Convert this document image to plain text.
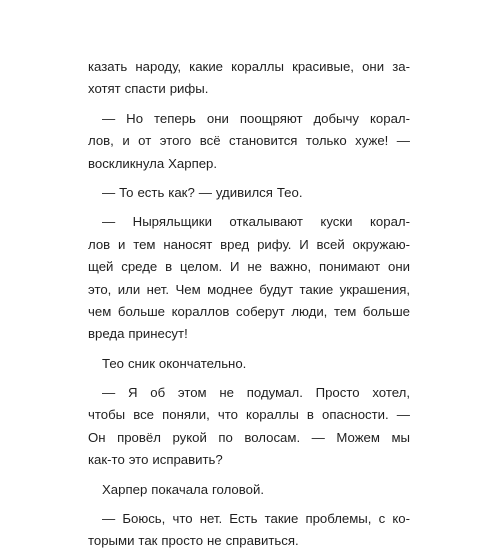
казать народу, какие кораллы красивые, они за-
хотят спасти рифы.
— Но теперь они поощряют добычу корал-
лов, и от этого всё становится только хуже! —
воскликнула Харпер.
— То есть как? — удивился Тео.
— Ныряльщики откалывают куски корал-
лов и тем наносят вред рифу. И всей окружаю-
щей среде в целом. И не важно, понимают они
это, или нет. Чем моднее будут такие украшения,
чем больше кораллов соберут люди, тем больше
вреда принесут!
Тео сник окончательно.
— Я об этом не подумал. Просто хотел,
чтобы все поняли, что кораллы в опасности. —
Он провёл рукой по волосам. — Можем мы
как-то это исправить?
Харпер покачала головой.
— Боюсь, что нет. Есть такие проблемы, с ко-
торыми так просто не справиться.
